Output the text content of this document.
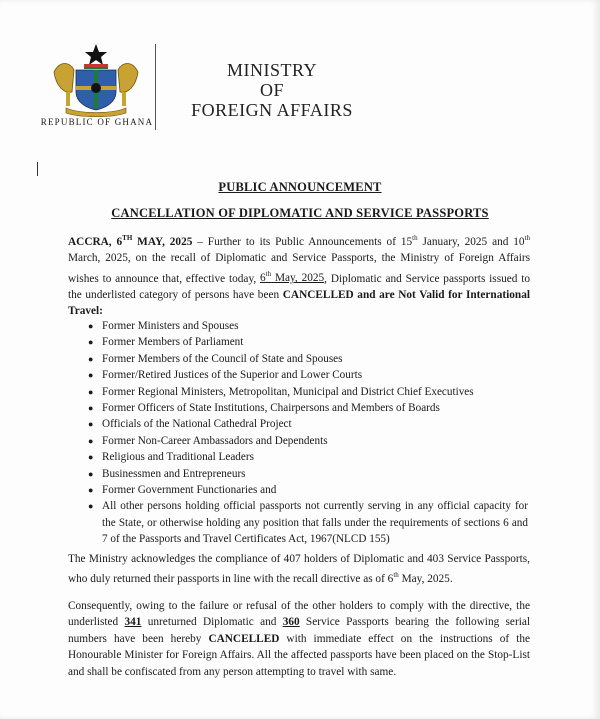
REPUBLIC OF GHANA
MINISTRY
OF
FOREIGN AFFAIRS
PUBLIC ANNOUNCEMENT
CANCELLATION OF DIPLOMATIC AND SERVICE PASSPORTS
ACCRA, 6TH MAY, 2025 – Further to its Public Announcements of 15th January, 2025 and 10th March, 2025, on the recall of Diplomatic and Service Passports, the Ministry of Foreign Affairs wishes to announce that, effective today, 6th May, 2025, Diplomatic and Service passports issued to the underlisted category of persons have been CANCELLED and are Not Valid for International Travel:
● Former Ministers and Spouses
● Former Members of Parliament
● Former Members of the Council of State and Spouses
● Former/Retired Justices of the Superior and Lower Courts
● Former Regional Ministers, Metropolitan, Municipal and District Chief Executives
● Former Officers of State Institutions, Chairpersons and Members of Boards
● Officials of the National Cathedral Project
● Former Non-Career Ambassadors and Dependents
● Religious and Traditional Leaders
● Businessmen and Entrepreneurs
● Former Government Functionaries and
● All other persons holding official passports not currently serving in any official capacity for the State, or otherwise holding any position that falls under the requirements of sections 6 and 7 of the Passports and Travel Certificates Act, 1967(NLCD 155)
The Ministry acknowledges the compliance of 407 holders of Diplomatic and 403 Service Passports, who duly returned their passports in line with the recall directive as of 6th May, 2025.
Consequently, owing to the failure or refusal of the other holders to comply with the directive, the underlisted 341 unreturned Diplomatic and 360 Service Passports bearing the following serial numbers have been hereby CANCELLED with immediate effect on the instructions of the Honourable Minister for Foreign Affairs. All the affected passports have been placed on the Stop-List and shall be confiscated from any person attempting to travel with same.
